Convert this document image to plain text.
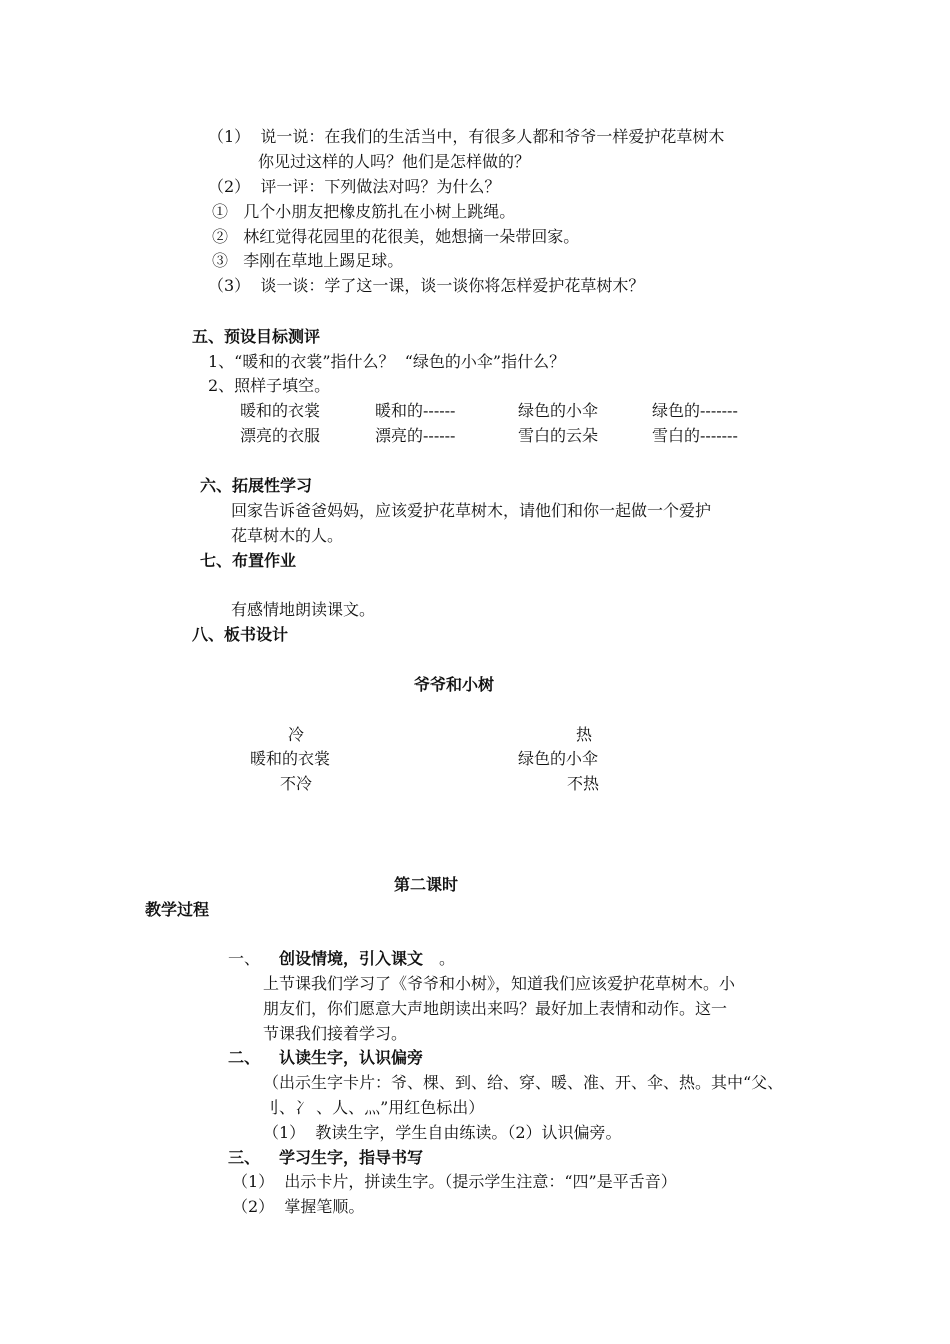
（1）  说一说：在我们的生活当中，有很多人都和爷爷一样爱护花草树木
你见过这样的人吗？他们是怎样做的？
（2）  评一评：下列做法对吗？为什么？
①   几个小朋友把橡皮筋扎在小树上跳绳。
②   林红觉得花园里的花很美，她想摘一朵带回家。
③   李刚在草地上踢足球。
（3）  谈一谈：学了这一课，谈一谈你将怎样爱护花草树木？
五、预设目标测评
1、“暖和的衣裳”指什么？  “绿色的小伞”指什么？
2、照样子填空。
暖和的衣裳	暖和的------	绿色的小伞	绿色的-------
漂亮的衣服	漂亮的------	雪白的云朵	雪白的-------
六、拓展性学习
回家告诉爸爸妈妈，应该爱护花草树木，请他们和你一起做一个爱护
花草树木的人。
七、布置作业
有感情地朗读课文。
八、板书设计
爷爷和小树
冷
暖和的衣裳
不冷
热
绿色的小伞
不热
第二课时
教学过程
一、 创设情境，引入课文 。
上节课我们学习了《爷爷和小树》，知道我们应该爱护花草树木。小
朋友们，你们愿意大声地朗读出来吗？最好加上表情和动作。这一
节课我们接着学习。
二、 认读生字，认识偏旁
（出示生字卡片：爷、棵、到、给、穿、暖、准、开、伞、热。其中“父、
刂、冫 、人、灬”用红色标出）
（1）  教读生字，学生自由练读。（2）认识偏旁。
三、 学习生字，指导书写
（1）  出示卡片，拼读生字。（提示学生注意：“四”是平舌音）
（2）  掌握笔顺。
